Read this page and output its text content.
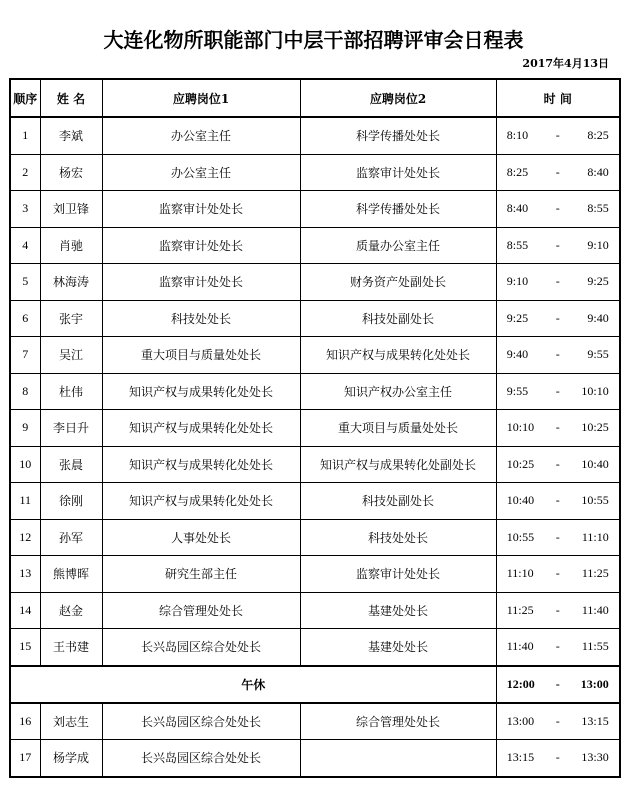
大连化物所职能部门中层干部招聘评审会日程表
2017年4月13日
顺序	姓 名	应聘岗位1	应聘岗位2	时 间
1	李斌	办公室主任	科学传播处处长	8:10 - 8:25
2	杨宏	办公室主任	监察审计处处长	8:25 - 8:40
3	刘卫锋	监察审计处处长	科学传播处处长	8:40 - 8:55
4	肖驰	监察审计处处长	质量办公室主任	8:55 - 9:10
5	林海涛	监察审计处处长	财务资产处副处长	9:10 - 9:25
6	张宇	科技处处长	科技处副处长	9:25 - 9:40
7	吴江	重大项目与质量处处长	知识产权与成果转化处处长	9:40 - 9:55
8	杜伟	知识产权与成果转化处处长	知识产权办公室主任	9:55 - 10:10
9	李日升	知识产权与成果转化处处长	重大项目与质量处处长	10:10 - 10:25
10	张晨	知识产权与成果转化处处长	知识产权与成果转化处副处长	10:25 - 10:40
11	徐刚	知识产权与成果转化处处长	科技处副处长	10:40 - 10:55
12	孙军	人事处处长	科技处处长	10:55 - 11:10
13	熊博晖	研究生部主任	监察审计处处长	11:10 - 11:25
14	赵金	综合管理处处长	基建处处长	11:25 - 11:40
15	王书建	长兴岛园区综合处处长	基建处处长	11:40 - 11:55
午休				12:00 - 13:00
16	刘志生	长兴岛园区综合处处长	综合管理处处长	13:00 - 13:15
17	杨学成	长兴岛园区综合处处长		13:15 - 13:30
